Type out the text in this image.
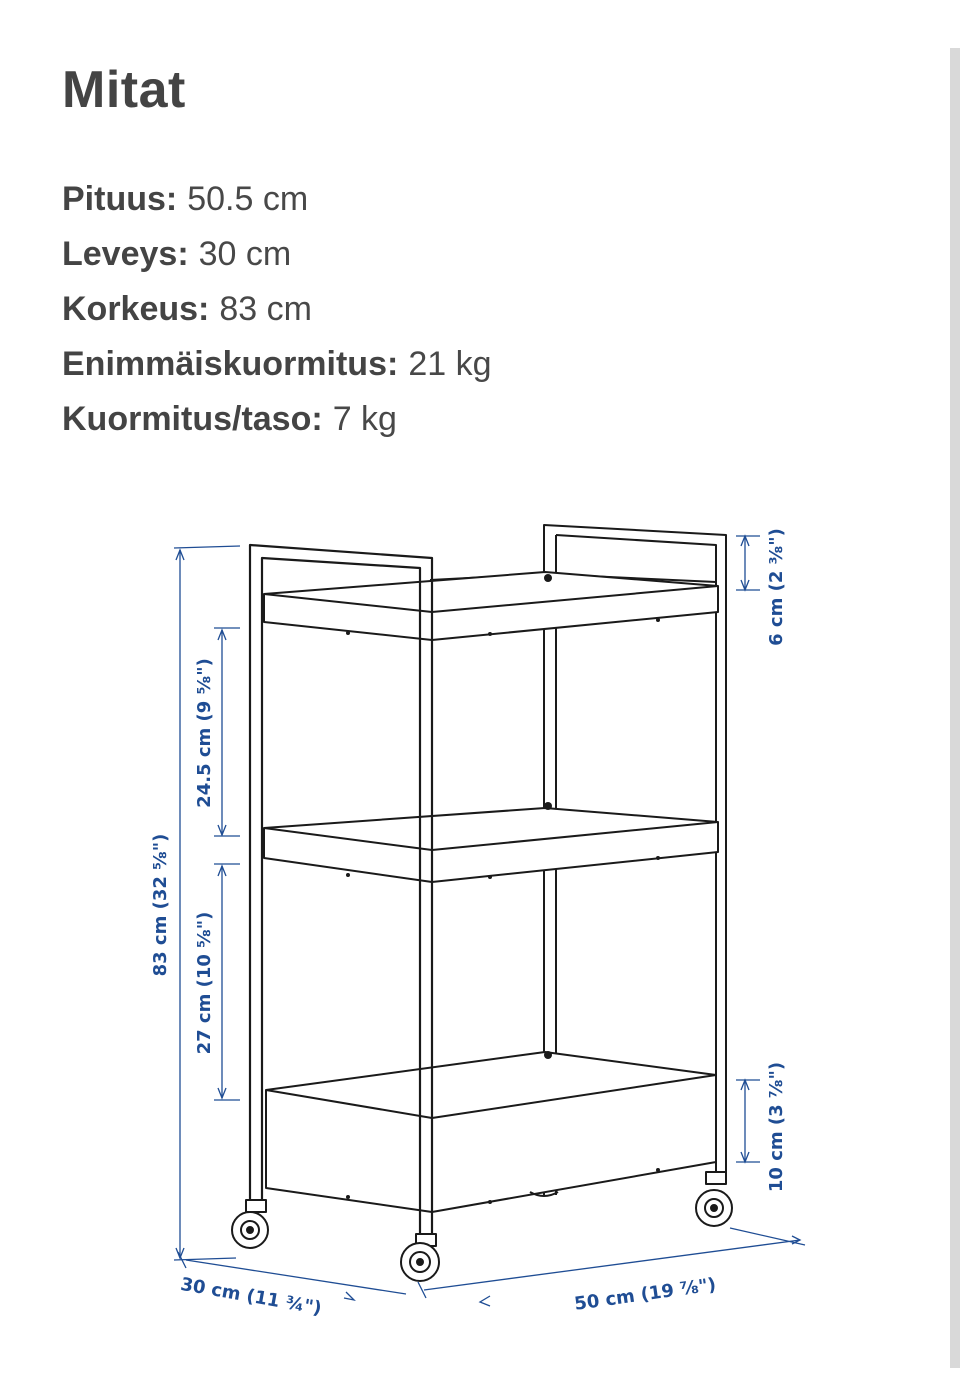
Mitat
Pituus: 50.5 cm
Leveys: 30 cm
Korkeus: 83 cm
Enimmäiskuormitus: 21 kg
Kuormitus/taso: 7 kg
83 cm (32 ⅝")
24.5 cm (9 ⅝")
27 cm (10 ⅝")
6 cm (2 ⅜")
10 cm (3 ⅞")
30 cm (11 ¾")	50 cm (19 ⅞")
